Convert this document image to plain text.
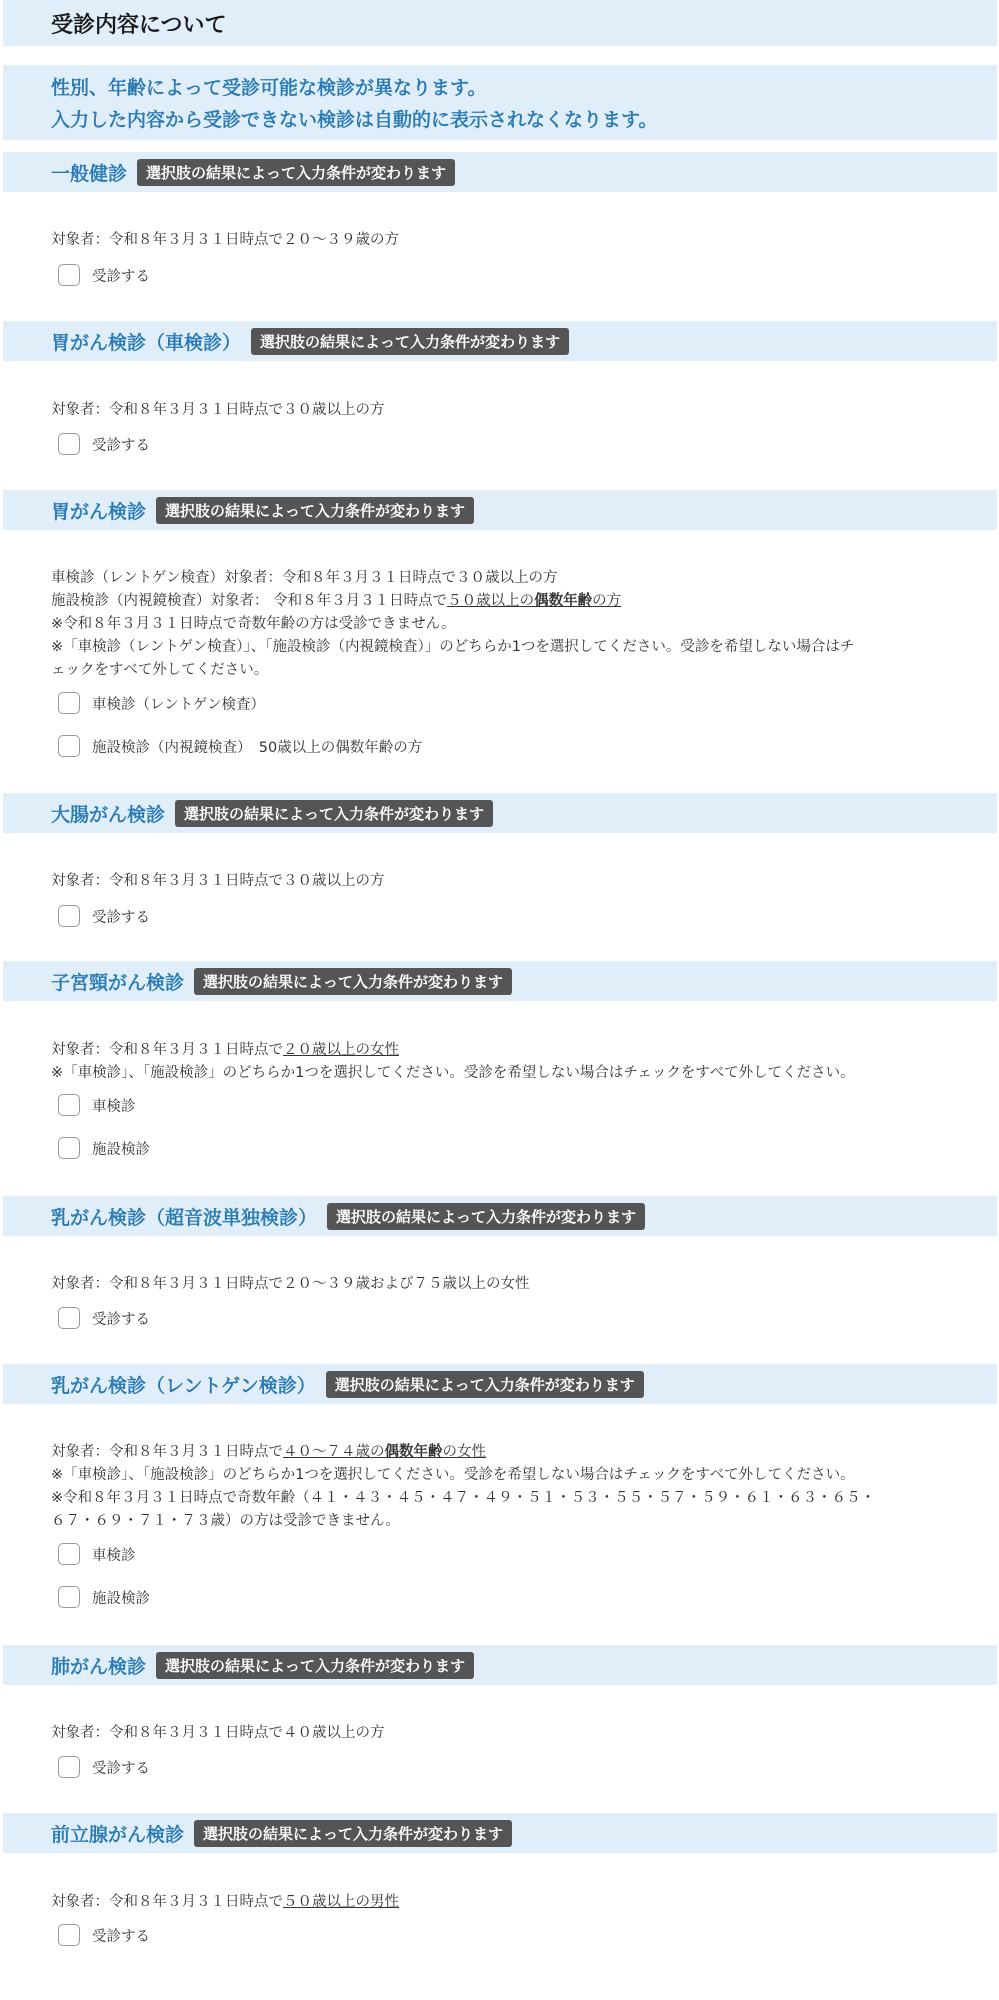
受診内容について
性別、年齢によって受診可能な検診が異なります。
入力した内容から受診できない検診は自動的に表示されなくなります。
一般健診	選択肢の結果によって入力条件が変わります
対象者：令和８年３月３１日時点で２０～３９歳の方
受診する
胃がん検診（車検診）	選択肢の結果によって入力条件が変わります
対象者：令和８年３月３１日時点で３０歳以上の方
受診する
胃がん検診	選択肢の結果によって入力条件が変わります
車検診（レントゲン検査）対象者：令和８年３月３１日時点で３０歳以上の方
施設検診（内視鏡検査）対象者： 令和８年３月３１日時点で５０歳以上の偶数年齢の方
※令和８年３月３１日時点で奇数年齢の方は受診できません。
※「車検診（レントゲン検査）」、「施設検診（内視鏡検査）」のどちらか1つを選択してください。受診を希望しない場合はチ
ェックをすべて外してください。
車検診（レントゲン検査）
施設検診（内視鏡検査）　50歳以上の偶数年齢の方
大腸がん検診	選択肢の結果によって入力条件が変わります
対象者：令和８年３月３１日時点で３０歳以上の方
受診する
子宮頸がん検診	選択肢の結果によって入力条件が変わります
対象者：令和８年３月３１日時点で２０歳以上の女性
※「車検診」、「施設検診」のどちらか1つを選択してください。受診を希望しない場合はチェックをすべて外してください。
車検診
施設検診
乳がん検診（超音波単独検診）	選択肢の結果によって入力条件が変わります
対象者：令和８年３月３１日時点で２０～３９歳および７５歳以上の女性
受診する
乳がん検診（レントゲン検診）	選択肢の結果によって入力条件が変わります
対象者：令和８年３月３１日時点で４０～７４歳の偶数年齢の女性
※「車検診」、「施設検診」のどちらか1つを選択してください。受診を希望しない場合はチェックをすべて外してください。
※令和８年３月３１日時点で奇数年齢（４１・４３・４５・４７・４９・５１・５３・５５・５７・５９・６１・６３・６５・
６７・６９・７１・７３歳）の方は受診できません。
車検診
施設検診
肺がん検診	選択肢の結果によって入力条件が変わります
対象者：令和８年３月３１日時点で４０歳以上の方
受診する
前立腺がん検診	選択肢の結果によって入力条件が変わります
対象者：令和８年３月３１日時点で５０歳以上の男性
受診する
